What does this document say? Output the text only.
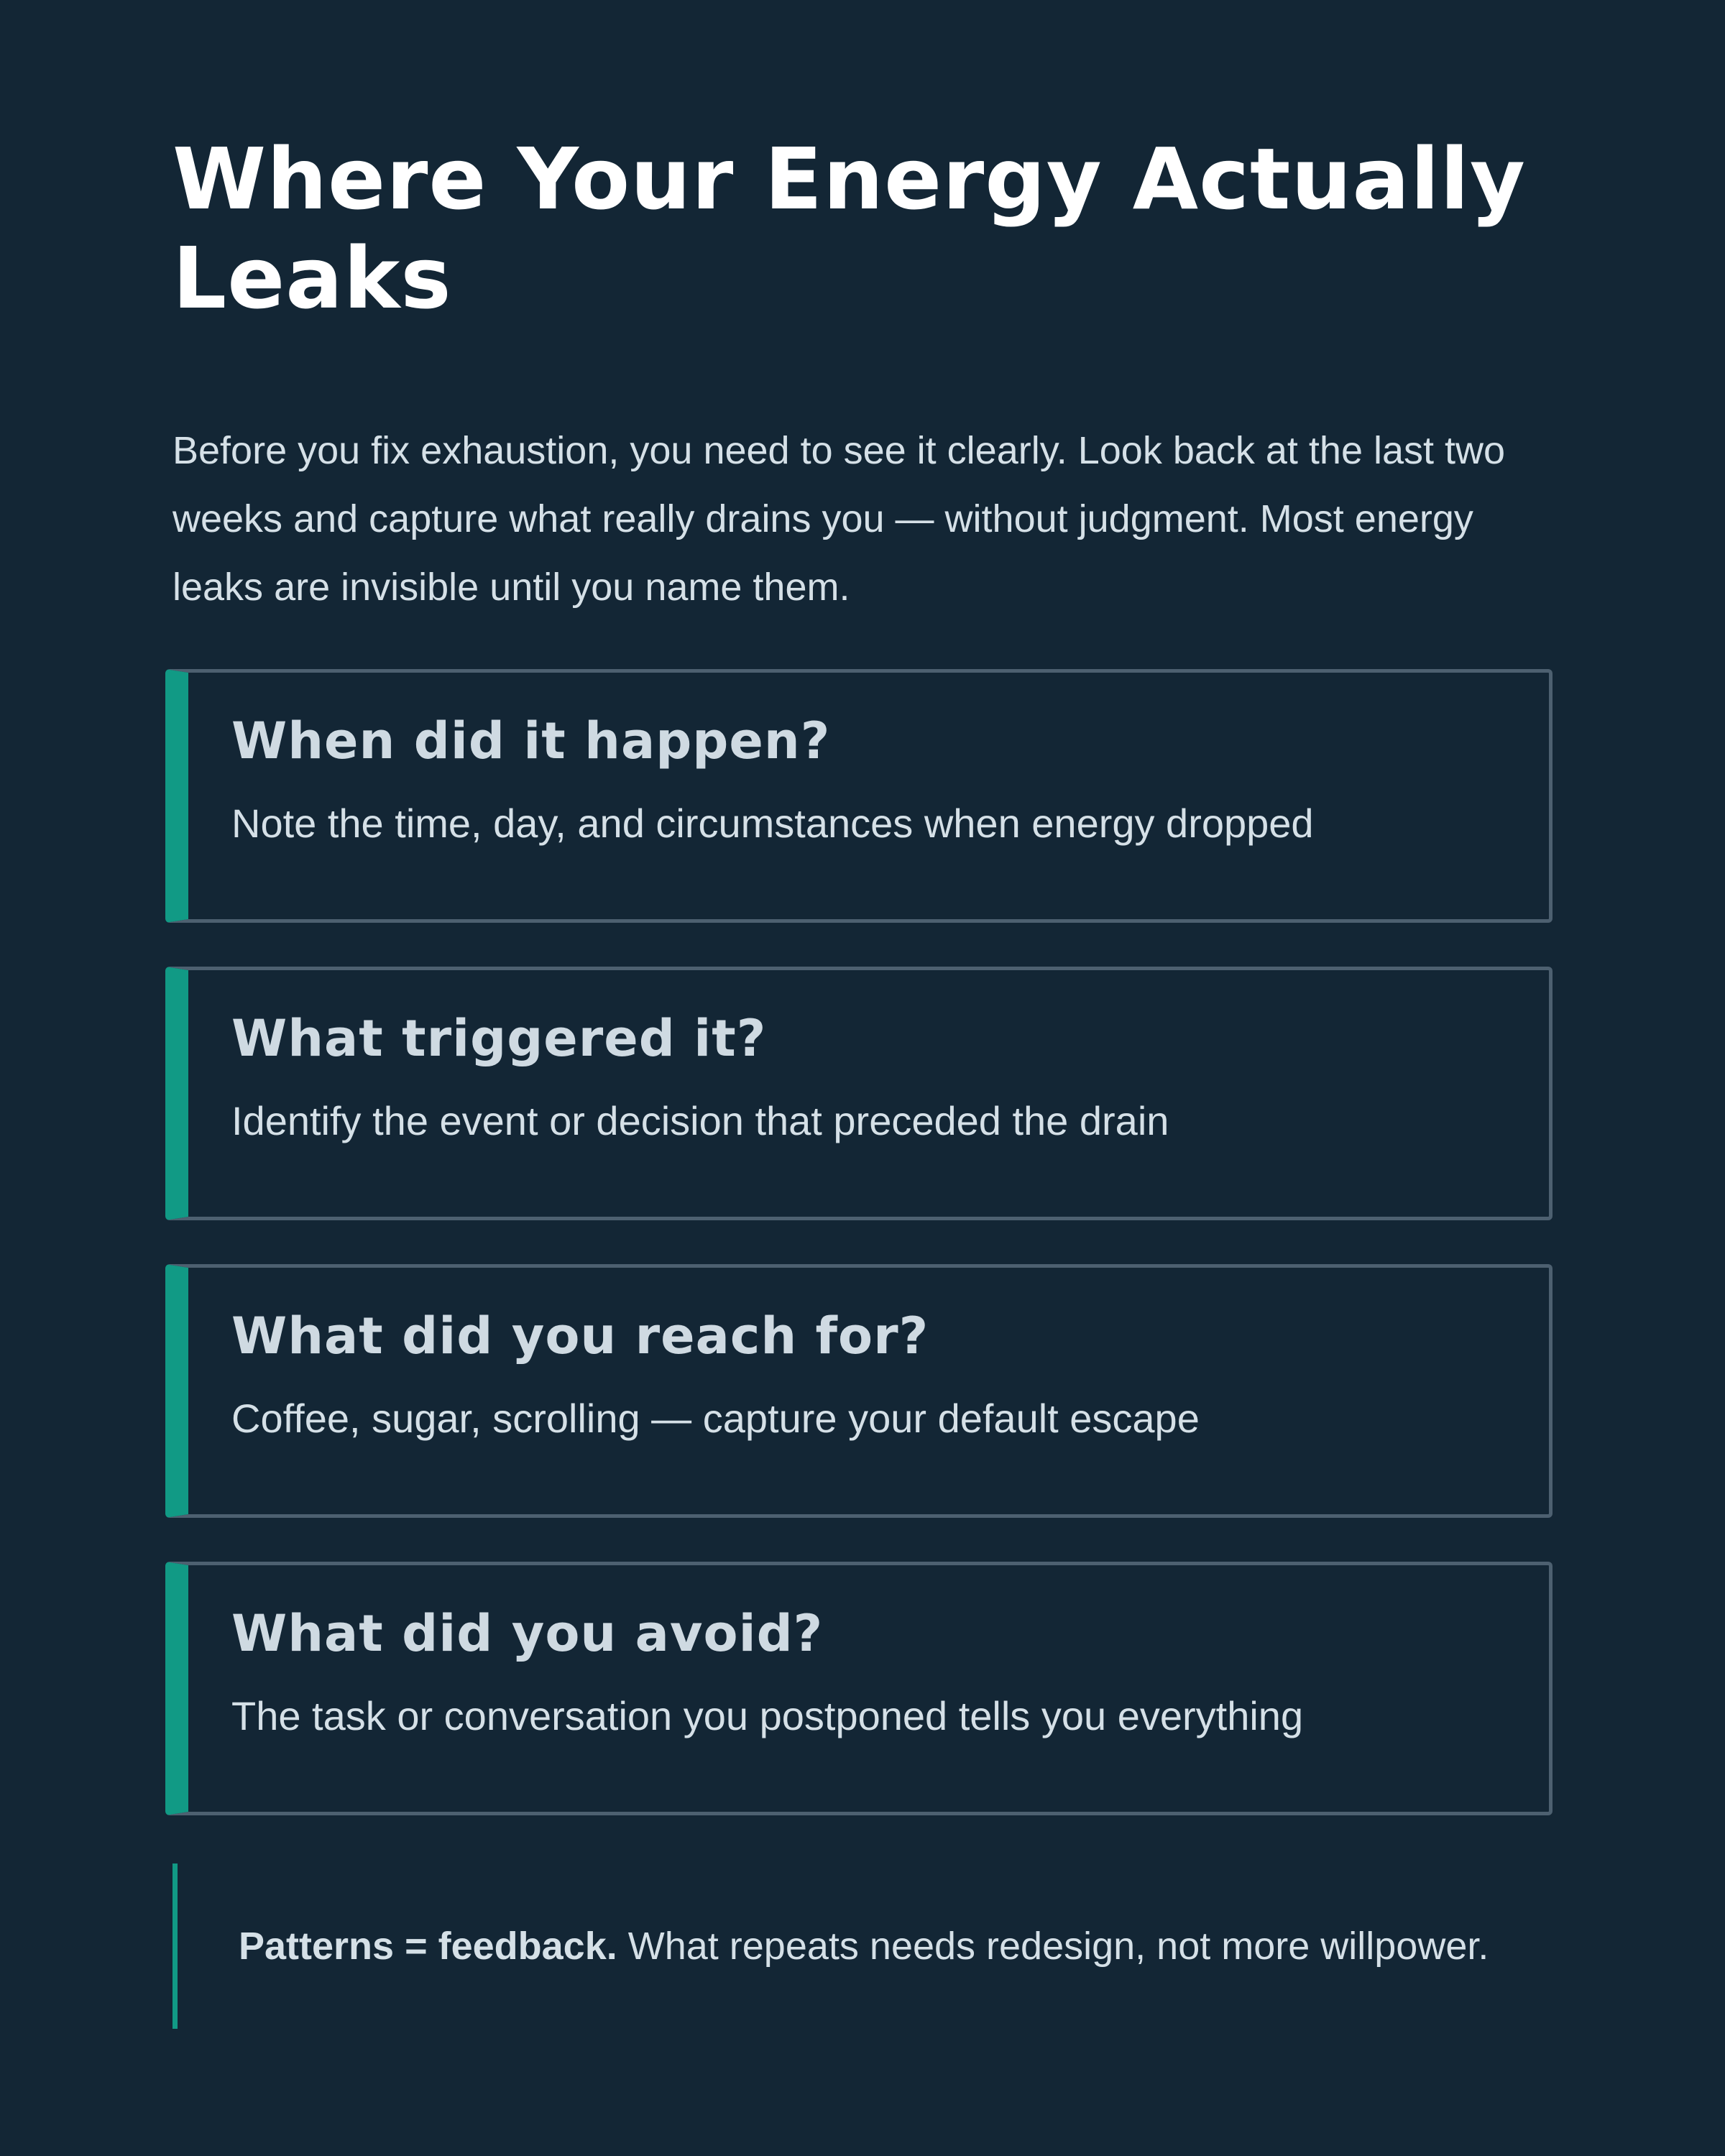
Where Your Energy Actually Leaks

Before you fix exhaustion, you need to see it clearly. Look back at the last two weeks and capture what really drains you — without judgment. Most energy leaks are invisible until you name them.

When did it happen?

Note the time, day, and circumstances when energy dropped

What triggered it?

Identify the event or decision that preceded the drain

What did you reach for?

Coffee, sugar, scrolling — capture your default escape

What did you avoid?

The task or conversation you postponed tells you everything

Patterns = feedback. What repeats needs redesign, not more willpower.
